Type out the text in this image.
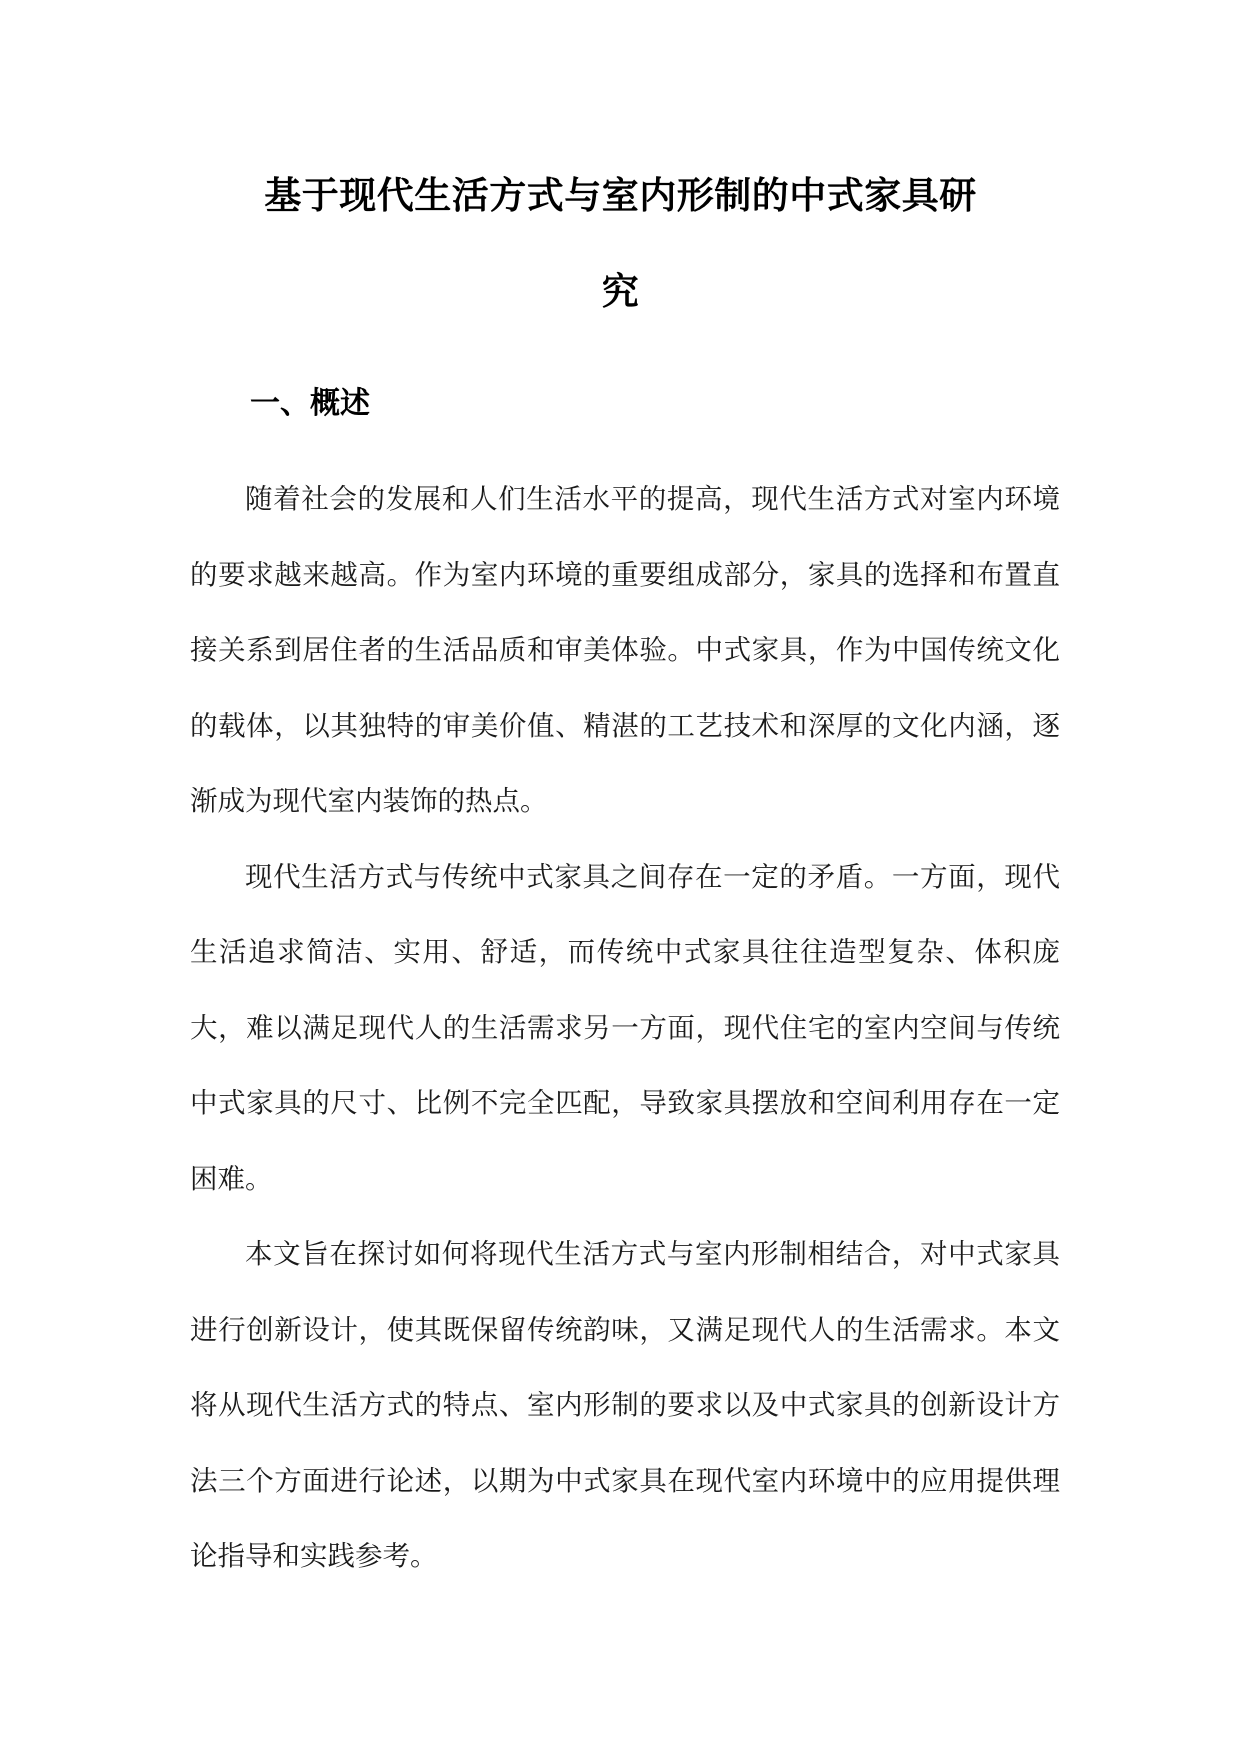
基于现代生活方式与室内形制的中式家具研
究
一、概述

随着社会的发展和人们生活水平的提高，现代生活方式对室内环境的要求越来越高。作为室内环境的重要组成部分，家具的选择和布置直接关系到居住者的生活品质和审美体验。中式家具，作为中国传统文化的载体，以其独特的审美价值、精湛的工艺技术和深厚的文化内涵，逐渐成为现代室内装饰的热点。

现代生活方式与传统中式家具之间存在一定的矛盾。一方面，现代生活追求简洁、实用、舒适，而传统中式家具往往造型复杂、体积庞大，难以满足现代人的生活需求另一方面，现代住宅的室内空间与传统中式家具的尺寸、比例不完全匹配，导致家具摆放和空间利用存在一定困难。

本文旨在探讨如何将现代生活方式与室内形制相结合，对中式家具进行创新设计，使其既保留传统韵味，又满足现代人的生活需求。本文将从现代生活方式的特点、室内形制的要求以及中式家具的创新设计方法三个方面进行论述，以期为中式家具在现代室内环境中的应用提供理论指导和实践参考。
